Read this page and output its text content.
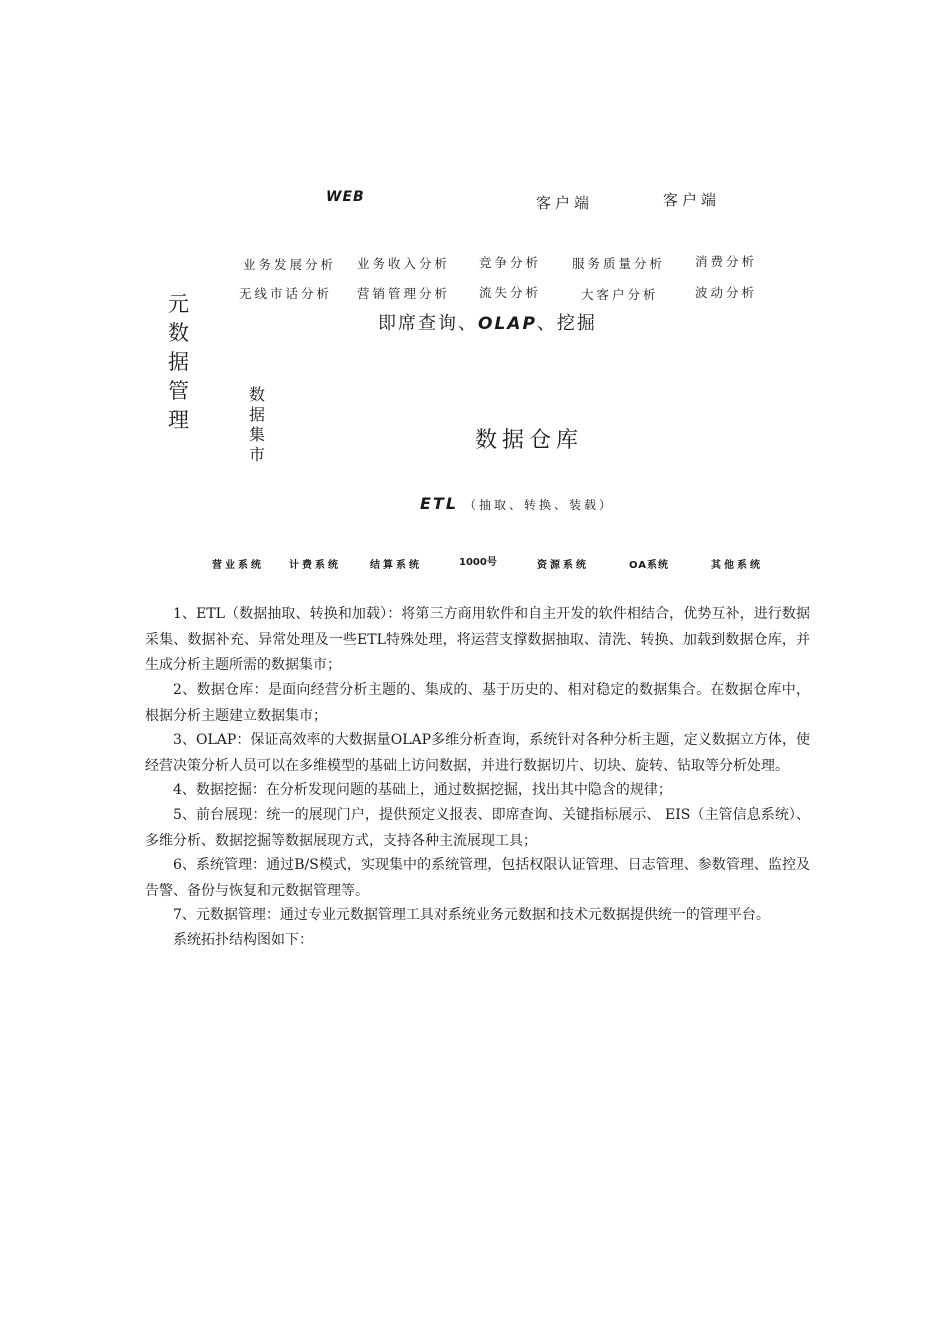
WEB	客户端	客户端
业务发展分析 业务收入分析 竞争分析 服务质量分析 消费分析
无线市话分析 营销管理分析 流失分析	大客户分析	波动分析
即席查询、OLAP、挖掘
元
数
据
管
理
数
据
集
市
数据仓库
ETL （抽取、转换、装载）
营业系统	计费系统	结算系统	1000号	资源系统	OA系统	其他系统

1、ETL（数据抽取、转换和加载）：将第三方商用软件和自主开发的软件相结合，优势互补，进行数据采集、数据补充、异常处理及一些ETL特殊处理，将运营支撑数据抽取、清洗、转换、加载到数据仓库，并生成分析主题所需的数据集市；

2、数据仓库：是面向经营分析主题的、集成的、基于历史的、相对稳定的数据集合。在数据仓库中，根据分析主题建立数据集市；

3、OLAP：保证高效率的大数据量OLAP多维分析查询，系统针对各种分析主题，定义数据立方体，使经营决策分析人员可以在多维模型的基础上访问数据，并进行数据切片、切块、旋转、钻取等分析处理。

4、数据挖掘：在分析发现问题的基础上，通过数据挖掘，找出其中隐含的规律；

5、前台展现：统一的展现门户，提供预定义报表、即席查询、关键指标展示、 EIS（主管信息系统）、多维分析、数据挖掘等数据展现方式，支持各种主流展现工具；

6、系统管理：通过B/S模式，实现集中的系统管理，包括权限认证管理、日志管理、参数管理、监控及告警、备份与恢复和元数据管理等。

7、元数据管理：通过专业元数据管理工具对系统业务元数据和技术元数据提供统一的管理平台。

系统拓扑结构图如下：
